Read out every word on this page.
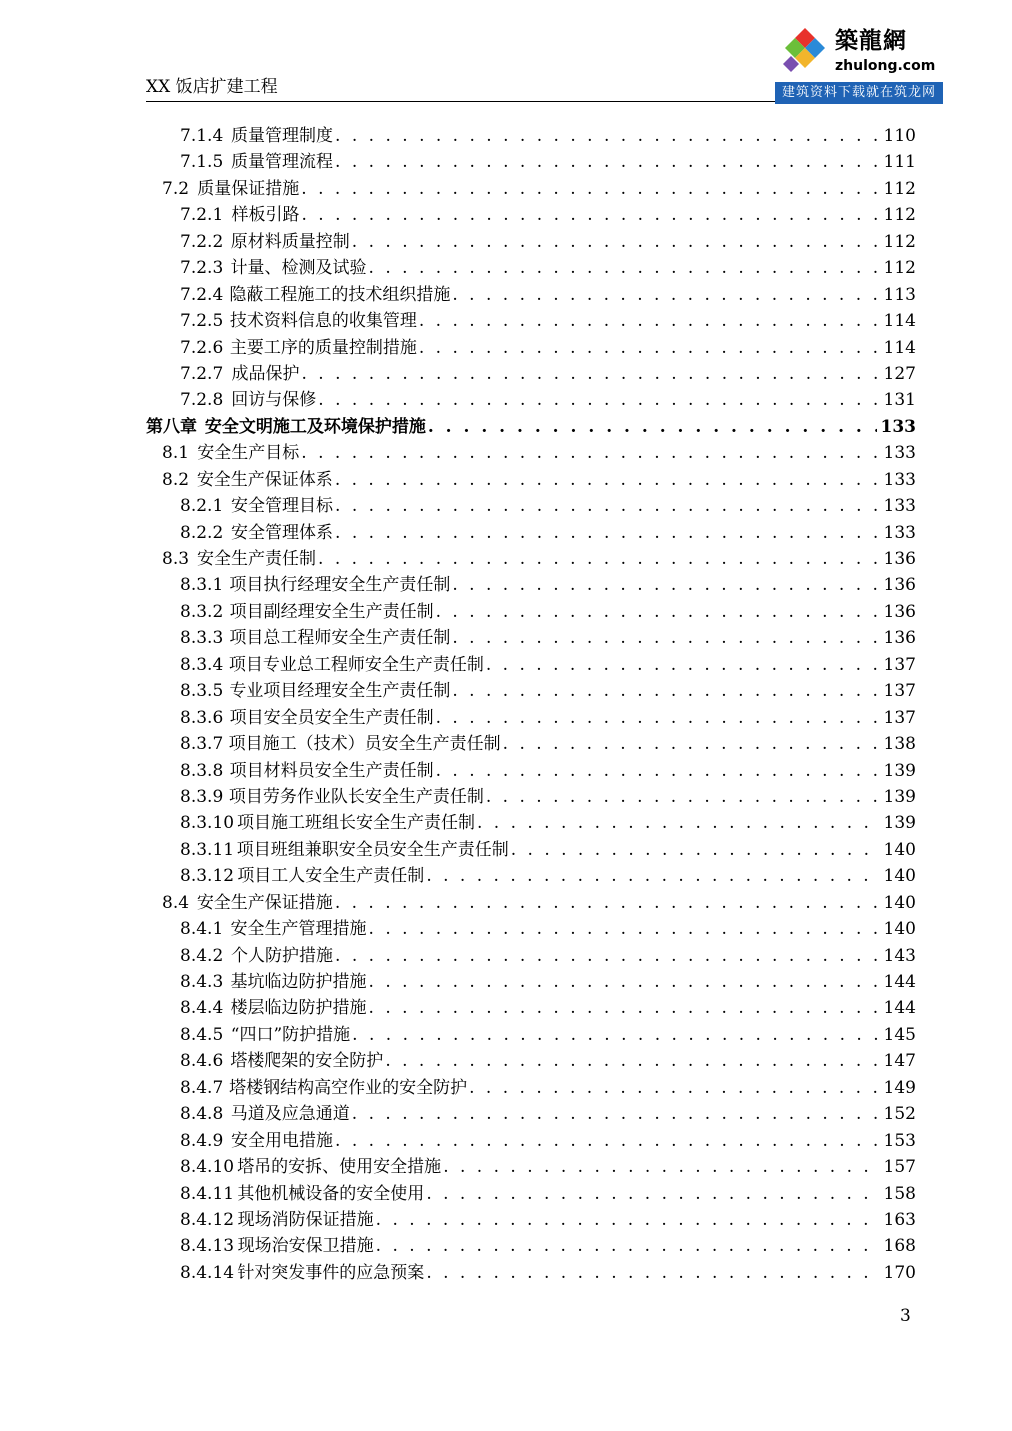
XX 饭店扩建工程
築龍網
zhulong.com
建筑资料下载就在筑龙网
7.1.4 质量管理制度 . . .	110
7.1.5 质量管理流程 . . .	111
7.2 质量保证措施 . . .	112
7.2.1 样板引路 . . .	112
7.2.2 原材料质量控制 . . .	112
7.2.3 计量、检测及试验 . . .	112
7.2.4 隐蔽工程施工的技术组织措施 . . .	113
7.2.5 技术资料信息的收集管理 . . .	114
7.2.6 主要工序的质量控制措施 . . .	114
7.2.7 成品保护 . . .	127
7.2.8 回访与保修 . . .	131
第八章 安全文明施工及环境保护措施 . . .	133
8.1 安全生产目标 . . .	133
8.2 安全生产保证体系 . . .	133
8.2.1 安全管理目标 . . .	133
8.2.2 安全管理体系 . . .	133
8.3 安全生产责任制 . . .	136
8.3.1 项目执行经理安全生产责任制 . . .	136
8.3.2 项目副经理安全生产责任制 . . .	136
8.3.3 项目总工程师安全生产责任制 . . .	136
8.3.4 项目专业总工程师安全生产责任制 . . .	137
8.3.5 专业项目经理安全生产责任制 . . .	137
8.3.6 项目安全员安全生产责任制 . . .	137
8.3.7 项目施工（技术）员安全生产责任制 . . .	138
8.3.8 项目材料员安全生产责任制 . . .	139
8.3.9 项目劳务作业队长安全生产责任制 . . .	139
8.3.10 项目施工班组长安全生产责任制 . . .	139
8.3.11 项目班组兼职安全员安全生产责任制 . . .	140
8.3.12 项目工人安全生产责任制 . . .	140
8.4 安全生产保证措施 . . .	140
8.4.1 安全生产管理措施 . . .	140
8.4.2 个人防护措施 . . .	143
8.4.3 基坑临边防护措施 . . .	144
8.4.4 楼层临边防护措施 . . .	144
8.4.5 “四口”防护措施 . . .	145
8.4.6 塔楼爬架的安全防护 . . .	147
8.4.7 塔楼钢结构高空作业的安全防护 . . .	149
8.4.8 马道及应急通道 . . .	152
8.4.9 安全用电措施 . . .	153
8.4.10 塔吊的安拆、使用安全措施 . . .	157
8.4.11 其他机械设备的安全使用 . . .	158
8.4.12 现场消防保证措施 . . .	163
8.4.13 现场治安保卫措施 . . .	168
8.4.14 针对突发事件的应急预案 . . .	170
3
